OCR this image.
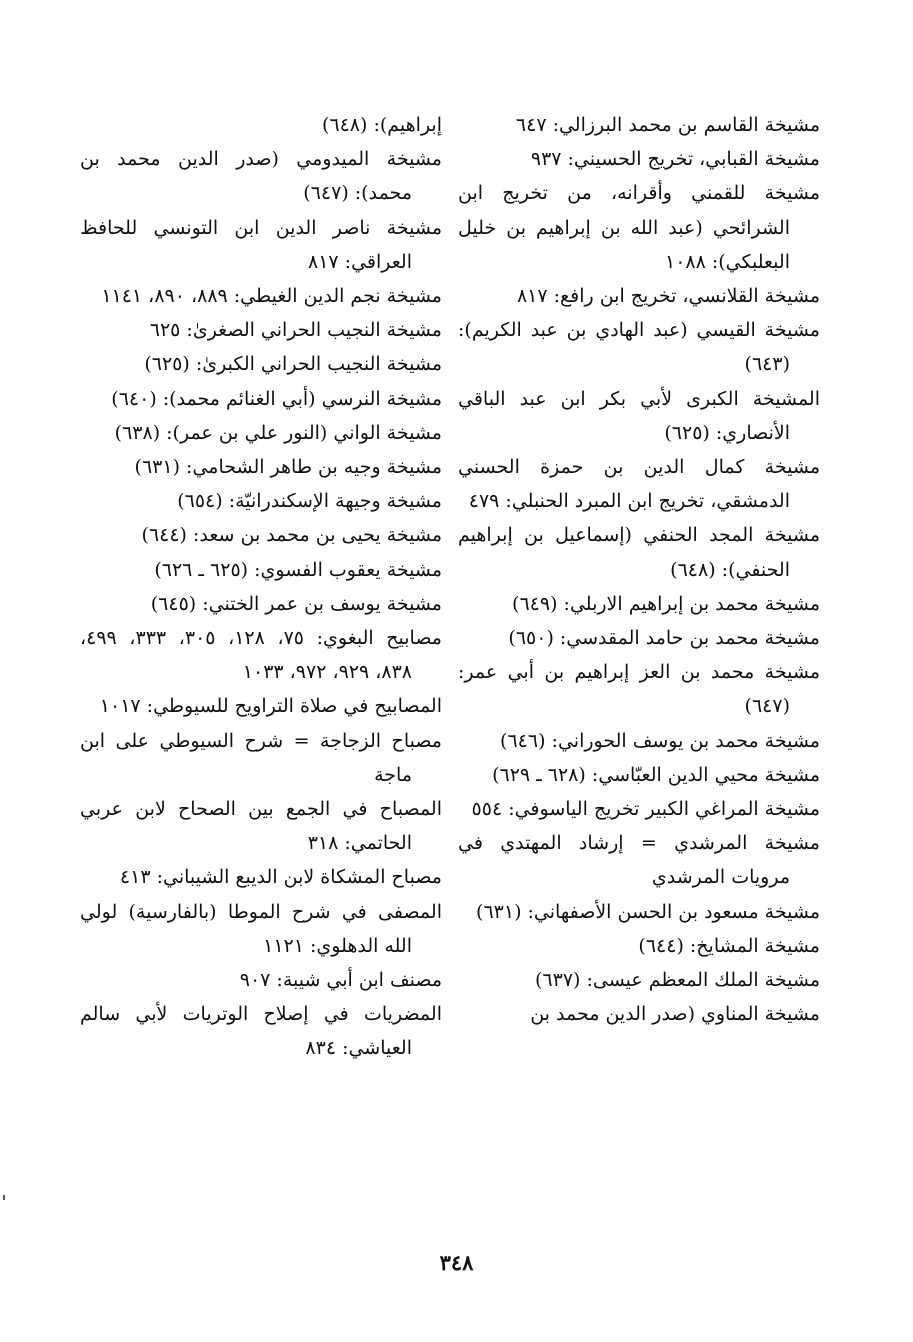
مشيخة القاسم بن محمد البرزالي: ٦٤٧
مشيخة القبابي، تخريج الحسيني: ٩٣٧
مشيخة للقمني وأقرانه، من تخريج ابن الشرائحي (عبد الله بن إبراهيم بن خليل البعلبكي): ١٠٨٨
مشيخة القلانسي، تخريج ابن رافع: ٨١٧
مشيخة القيسي (عبد الهادي بن عبد الكريم): (٦٤٣)
المشيخة الكبرى لأبي بكر ابن عبد الباقي الأنصاري: (٦٢٥)
مشيخة كمال الدين بن حمزة الحسني الدمشقي، تخريج ابن المبرد الحنبلي: ٤٧٩
مشيخة المجد الحنفي (إسماعيل بن إبراهيم الحنفي): (٦٤٨)
مشيخة محمد بن إبراهيم الاربلي: (٦٤٩)
مشيخة محمد بن حامد المقدسي: (٦٥٠)
مشيخة محمد بن العز إبراهيم بن أبي عمر: (٦٤٧)
مشيخة محمد بن يوسف الحوراني: (٦٤٦)
مشيخة محيي الدين العبّاسي: (٦٢٨ ـ ٦٢٩)
مشيخة المراغي الكبير تخريج الياسوفي: ٥٥٤
مشيخة المرشدي = إرشاد المهتدي في مرويات المرشدي
مشيخة مسعود بن الحسن الأصفهاني: (٦٣١)
مشيخة المشايخ: (٦٤٤)
مشيخة الملك المعظم عيسى: (٦٣٧)
مشيخة المناوي (صدر الدين محمد بن
إبراهيم): (٦٤٨)
مشيخة الميدومي (صدر الدين محمد بن محمد): (٦٤٧)
مشيخة ناصر الدين ابن التونسي للحافظ العراقي: ٨١٧
مشيخة نجم الدين الغيطي: ٨٨٩، ٨٩٠، ١١٤١
مشيخة النجيب الحراني الصغرىٰ: ٦٢٥
مشيخة النجيب الحراني الكبرىٰ: (٦٢٥)
مشيخة النرسي (أبي الغنائم محمد): (٦٤٠)
مشيخة الواني (النور علي بن عمر): (٦٣٨)
مشيخة وجيه بن طاهر الشحامي: (٦٣١)
مشيخة وجيهة الإسكندرانيّة: (٦٥٤)
مشيخة يحيى بن محمد بن سعد: (٦٤٤)
مشيخة يعقوب الفسوي: (٦٢٥ ـ ٦٢٦)
مشيخة يوسف بن عمر الختني: (٦٤٥)
مصابيح البغوي: ٧٥، ١٢٨، ٣٠٥، ٣٣٣، ٤٩٩، ٨٣٨، ٩٢٩، ٩٧٢، ١٠٣٣
المصابيح في صلاة التراويح للسيوطي: ١٠١٧
مصباح الزجاجة = شرح السيوطي على ابن ماجة
المصباح في الجمع بين الصحاح لابن عربي الحاتمي: ٣١٨
مصباح المشكاة لابن الديبع الشيباني: ٤١٣
المصفى في شرح الموطا (بالفارسية) لولي الله الدهلوي: ١١٢١
مصنف ابن أبي شيبة: ٩٠٧
المضريات في إصلاح الوتريات لأبي سالم العياشي: ٨٣٤
٣٤٨
